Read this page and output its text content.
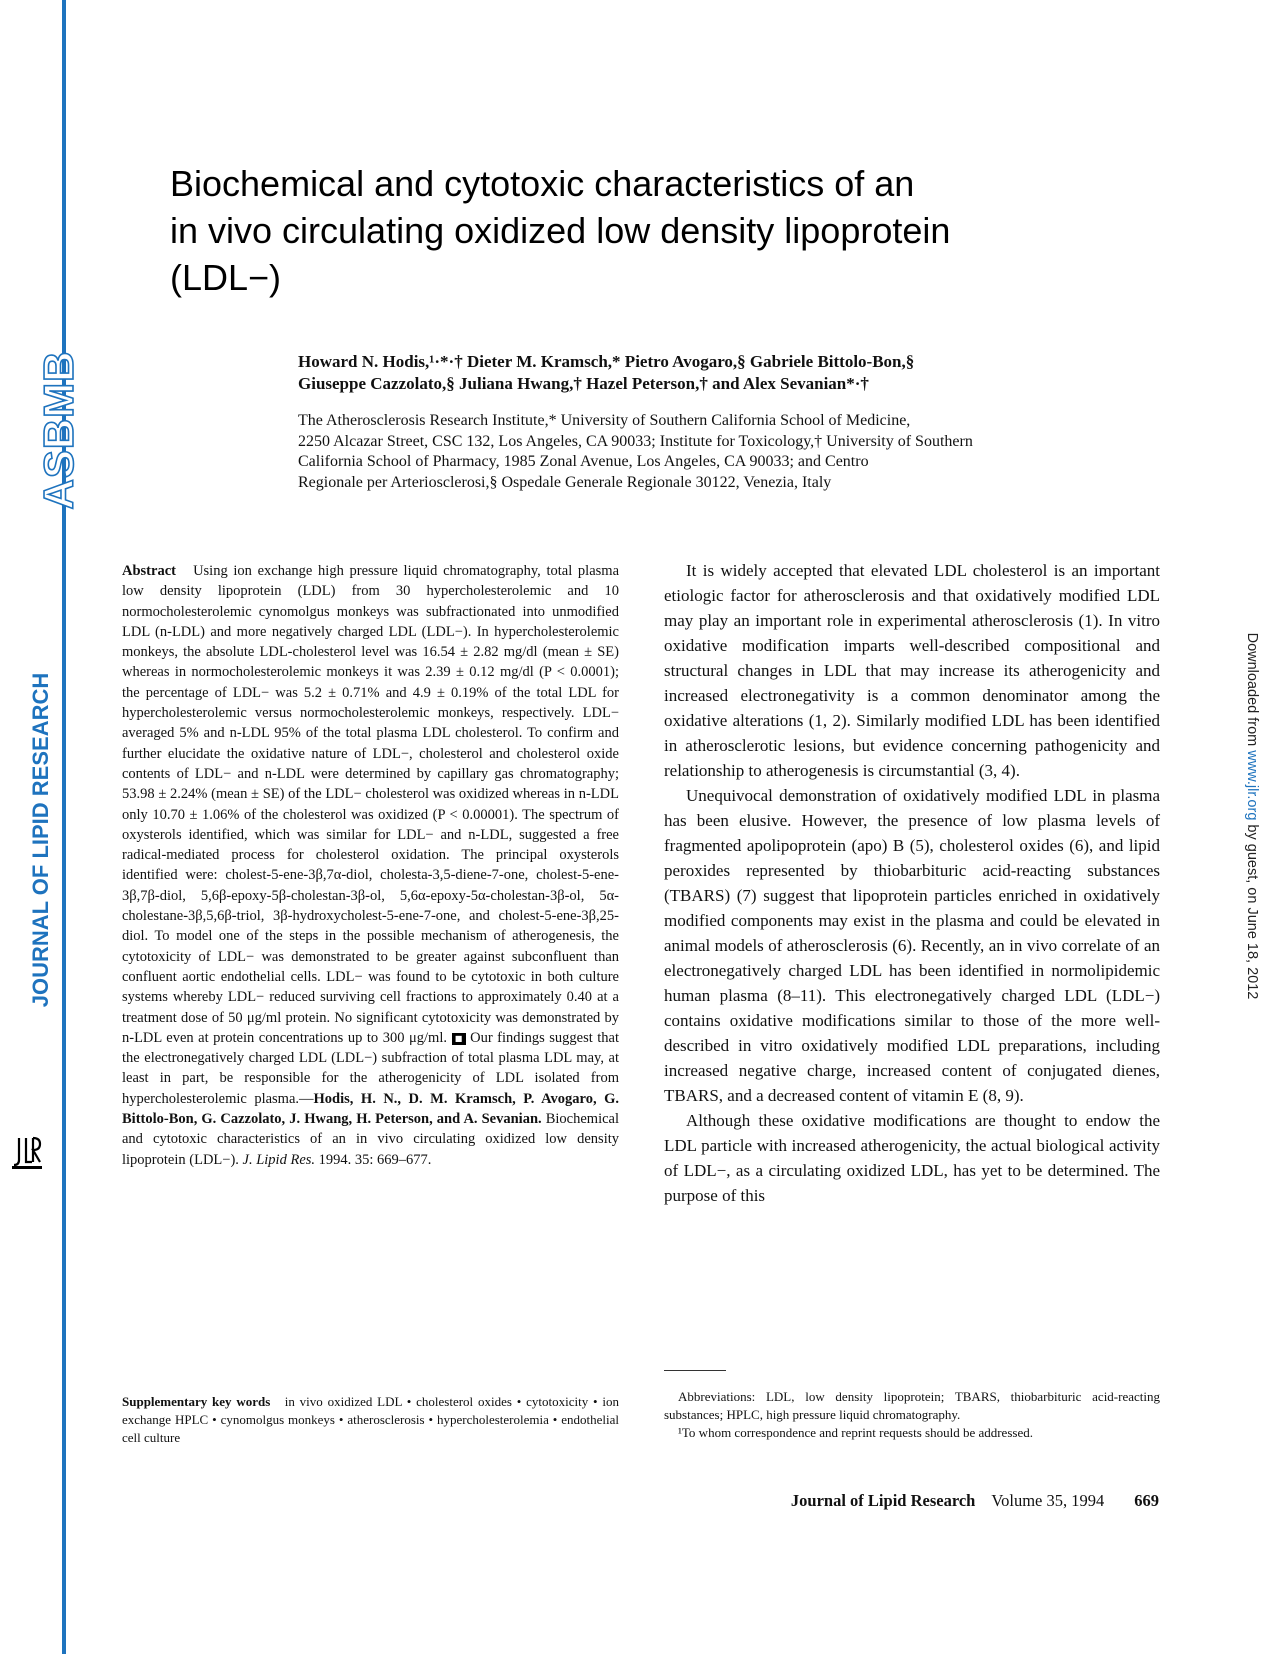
ASBMB
JOURNAL OF LIPID RESEARCH	Downloaded from www.jlr.org by guest, on June 18, 2012
Biochemical and cytotoxic characteristics of an
in vivo circulating oxidized low density lipoprotein
(LDL−)
Howard N. Hodis,¹·*·† Dieter M. Kramsch,* Pietro Avogaro,§ Gabriele Bittolo-Bon,§
Giuseppe Cazzolato,§ Juliana Hwang,† Hazel Peterson,† and Alex Sevanian*·†
The Atherosclerosis Research Institute,* University of Southern California School of Medicine,
2250 Alcazar Street, CSC 132, Los Angeles, CA 90033; Institute for Toxicology,† University of Southern
California School of Pharmacy, 1985 Zonal Avenue, Los Angeles, CA 90033; and Centro
Regionale per Arteriosclerosi,§ Ospedale Generale Regionale 30122, Venezia, Italy
Abstract Using ion exchange high pressure liquid chromatography, total plasma low density lipoprotein (LDL) from 30 hypercholesterolemic and 10 normocholesterolemic cynomolgus monkeys was subfractionated into unmodified LDL (n-LDL) and more negatively charged LDL (LDL−). In hypercholesterolemic monkeys, the absolute LDL-cholesterol level was 16.54 ± 2.82 mg/dl (mean ± SE) whereas in normocholesterolemic monkeys it was 2.39 ± 0.12 mg/dl (P < 0.0001); the percentage of LDL− was 5.2 ± 0.71% and 4.9 ± 0.19% of the total LDL for hypercholesterolemic versus normocholesterolemic monkeys, respectively. LDL− averaged 5% and n-LDL 95% of the total plasma LDL cholesterol. To confirm and further elucidate the oxidative nature of LDL−, cholesterol and cholesterol oxide contents of LDL− and n-LDL were determined by capillary gas chromatography; 53.98 ± 2.24% (mean ± SE) of the LDL− cholesterol was oxidized whereas in n-LDL only 10.70 ± 1.06% of the cholesterol was oxidized (P < 0.00001). The spectrum of oxysterols identified, which was similar for LDL− and n-LDL, suggested a free radical-mediated process for cholesterol oxidation. The principal oxysterols identified were: cholest-5-ene-3β,7α-diol, cholesta-3,5-diene-7-one, cholest-5-ene-3β,7β-diol, 5,6β-epoxy-5β-cholestan-3β-ol, 5,6α-epoxy-5α-cholestan-3β-ol, 5α-cholestane-3β,5,6β-triol, 3β-hydroxycholest-5-ene-7-one, and cholest-5-ene-3β,25-diol. To model one of the steps in the possible mechanism of atherogenesis, the cytotoxicity of LDL− was demonstrated to be greater against subconfluent than confluent aortic endothelial cells. LDL− was found to be cytotoxic in both culture systems whereby LDL− reduced surviving cell fractions to approximately 0.40 at a treatment dose of 50 μg/ml protein. No significant cytotoxicity was demonstrated by n-LDL even at protein concentrations up to 300 μg/ml. ■ Our findings suggest that the electronegatively charged LDL (LDL−) subfraction of total plasma LDL may, at least in part, be responsible for the atherogenicity of LDL isolated from hypercholesterolemic plasma.—Hodis, H. N., D. M. Kramsch, P. Avogaro, G. Bittolo-Bon, G. Cazzolato, J. Hwang, H. Peterson, and A. Sevanian. Biochemical and cytotoxic characteristics of an in vivo circulating oxidized low density lipoprotein (LDL−). J. Lipid Res. 1994. 35: 669–677.
Supplementary key words in vivo oxidized LDL • cholesterol oxides • cytotoxicity • ion exchange HPLC • cynomolgus monkeys • atherosclerosis • hypercholesterolemia • endothelial cell culture

It is widely accepted that elevated LDL cholesterol is an important etiologic factor for atherosclerosis and that oxidatively modified LDL may play an important role in experimental atherosclerosis (1). In vitro oxidative modification imparts well-described compositional and structural changes in LDL that may increase its atherogenicity and increased electronegativity is a common denominator among the oxidative alterations (1, 2). Similarly modified LDL has been identified in atherosclerotic lesions, but evidence concerning pathogenicity and relationship to atherogenesis is circumstantial (3, 4).

Unequivocal demonstration of oxidatively modified LDL in plasma has been elusive. However, the presence of low plasma levels of fragmented apolipoprotein (apo) B (5), cholesterol oxides (6), and lipid peroxides represented by thiobarbituric acid-reacting substances (TBARS) (7) suggest that lipoprotein particles enriched in oxidatively modified components may exist in the plasma and could be elevated in animal models of atherosclerosis (6). Recently, an in vivo correlate of an electronegatively charged LDL has been identified in normolipidemic human plasma (8–11). This electronegatively charged LDL (LDL−) contains oxidative modifications similar to those of the more well-described in vitro oxidatively modified LDL preparations, including increased negative charge, increased content of conjugated dienes, TBARS, and a decreased content of vitamin E (8, 9).

Although these oxidative modifications are thought to endow the LDL particle with increased atherogenicity, the actual biological activity of LDL−, as a circulating oxidized LDL, has yet to be determined. The purpose of this

Abbreviations: LDL, low density lipoprotein; TBARS, thiobarbituric acid-reacting substances; HPLC, high pressure liquid chromatography.
¹To whom correspondence and reprint requests should be addressed.
Journal of Lipid Research Volume 35, 1994 669
